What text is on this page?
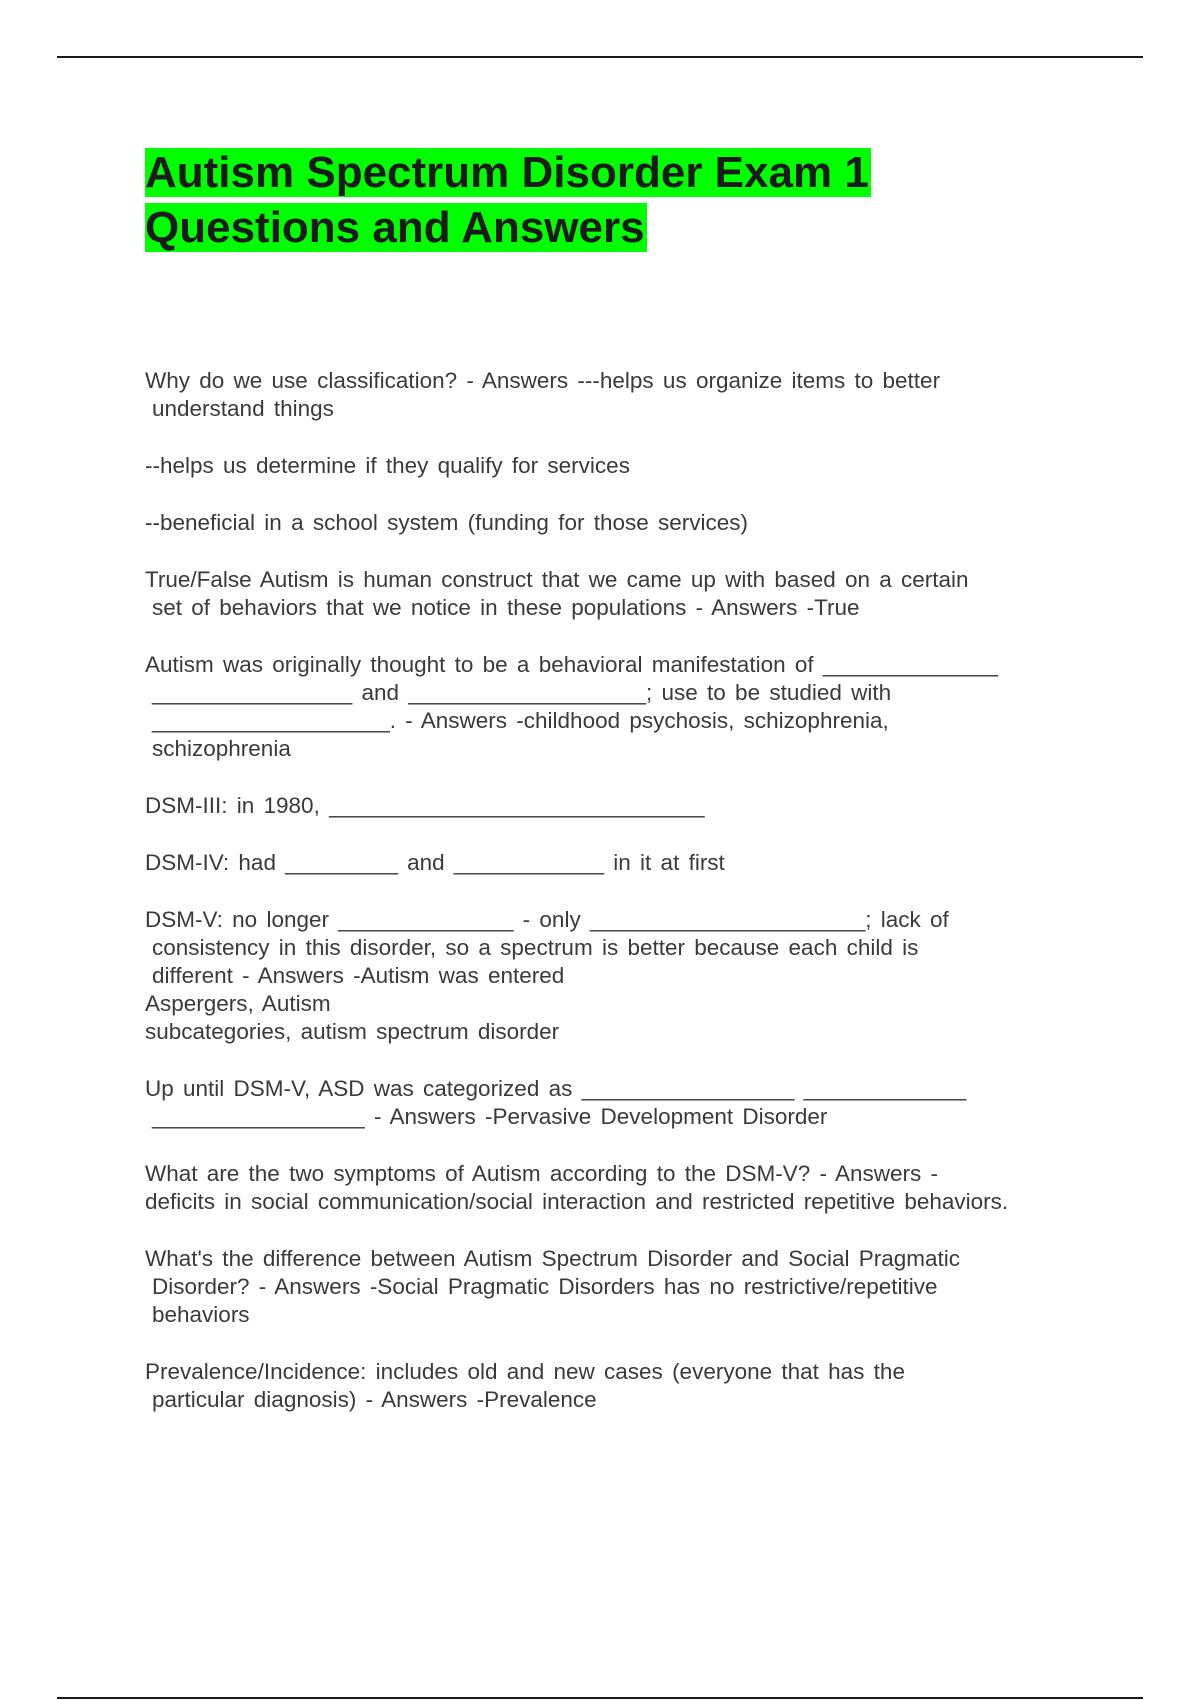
Autism Spectrum Disorder Exam 1
Questions and Answers

Why do we use classification? - Answers ---helps us organize items to better
understand things

--helps us determine if they qualify for services

--beneficial in a school system (funding for those services)

True/False Autism is human construct that we came up with based on a certain
set of behaviors that we notice in these populations - Answers -True

Autism was originally thought to be a behavioral manifestation of ______________
________________ and ___________________; use to be studied with
___________________. - Answers -childhood psychosis, schizophrenia,
schizophrenia

DSM-III: in 1980, ______________________________

DSM-IV: had _________ and ____________ in it at first

DSM-V: no longer ______________ - only ______________________; lack of
consistency in this disorder, so a spectrum is better because each child is
different - Answers -Autism was entered
Aspergers, Autism
subcategories, autism spectrum disorder

Up until DSM-V, ASD was categorized as _________________ _____________
_________________ - Answers -Pervasive Development Disorder

What are the two symptoms of Autism according to the DSM-V? - Answers -
deficits in social communication/social interaction and restricted repetitive behaviors.

What's the difference between Autism Spectrum Disorder and Social Pragmatic
Disorder? - Answers -Social Pragmatic Disorders has no restrictive/repetitive
behaviors

Prevalence/Incidence: includes old and new cases (everyone that has the
particular diagnosis) - Answers -Prevalence
